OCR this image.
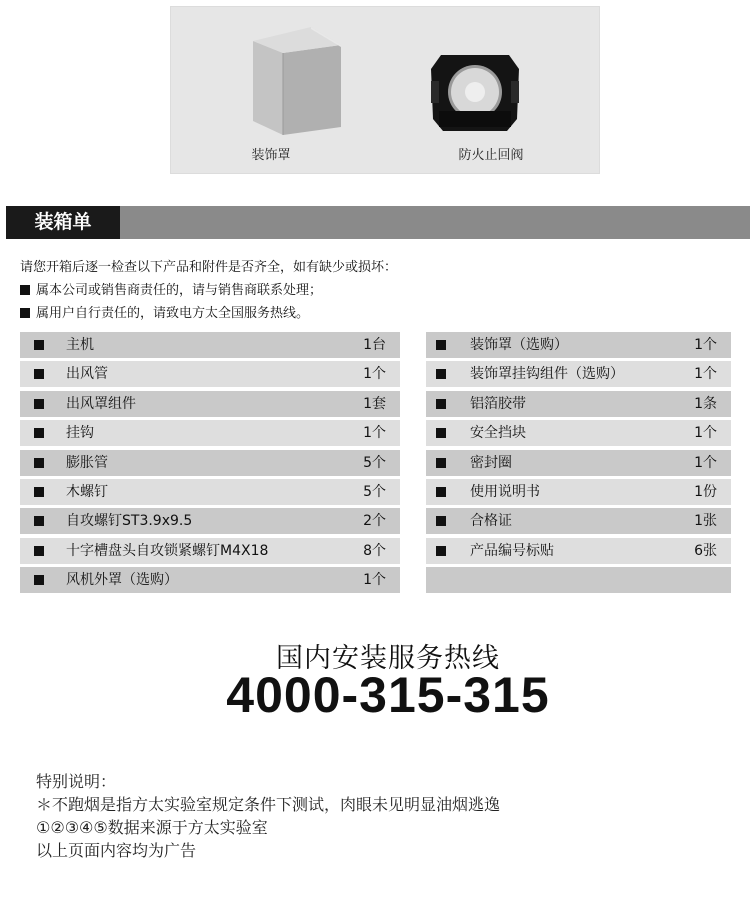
装饰罩	防火止回阀
装箱单
请您开箱后逐一检查以下产品和附件是否齐全，如有缺少或损坏：
属本公司或销售商责任的，请与销售商联系处理；
属用户自行责任的，请致电方太全国服务热线。
主机	1台
出风管	1个
出风罩组件	1套
挂钩	1个
膨胀管	5个
木螺钉	5个
自攻螺钉ST3.9x9.5	2个
十字槽盘头自攻锁紧螺钉M4X18	8个
风机外罩（选购）	1个
装饰罩（选购）	1个
装饰罩挂钩组件（选购）	1个
铝箔胶带	1条
安全挡块	1个
密封圈	1个
使用说明书	1份
合格证	1张
产品编号标贴	6张
国内安装服务热线
4000-315-315
特别说明：
＊不跑烟是指方太实验室规定条件下测试，肉眼未见明显油烟逃逸
①②③④⑤数据来源于方太实验室
以上页面内容均为广告
